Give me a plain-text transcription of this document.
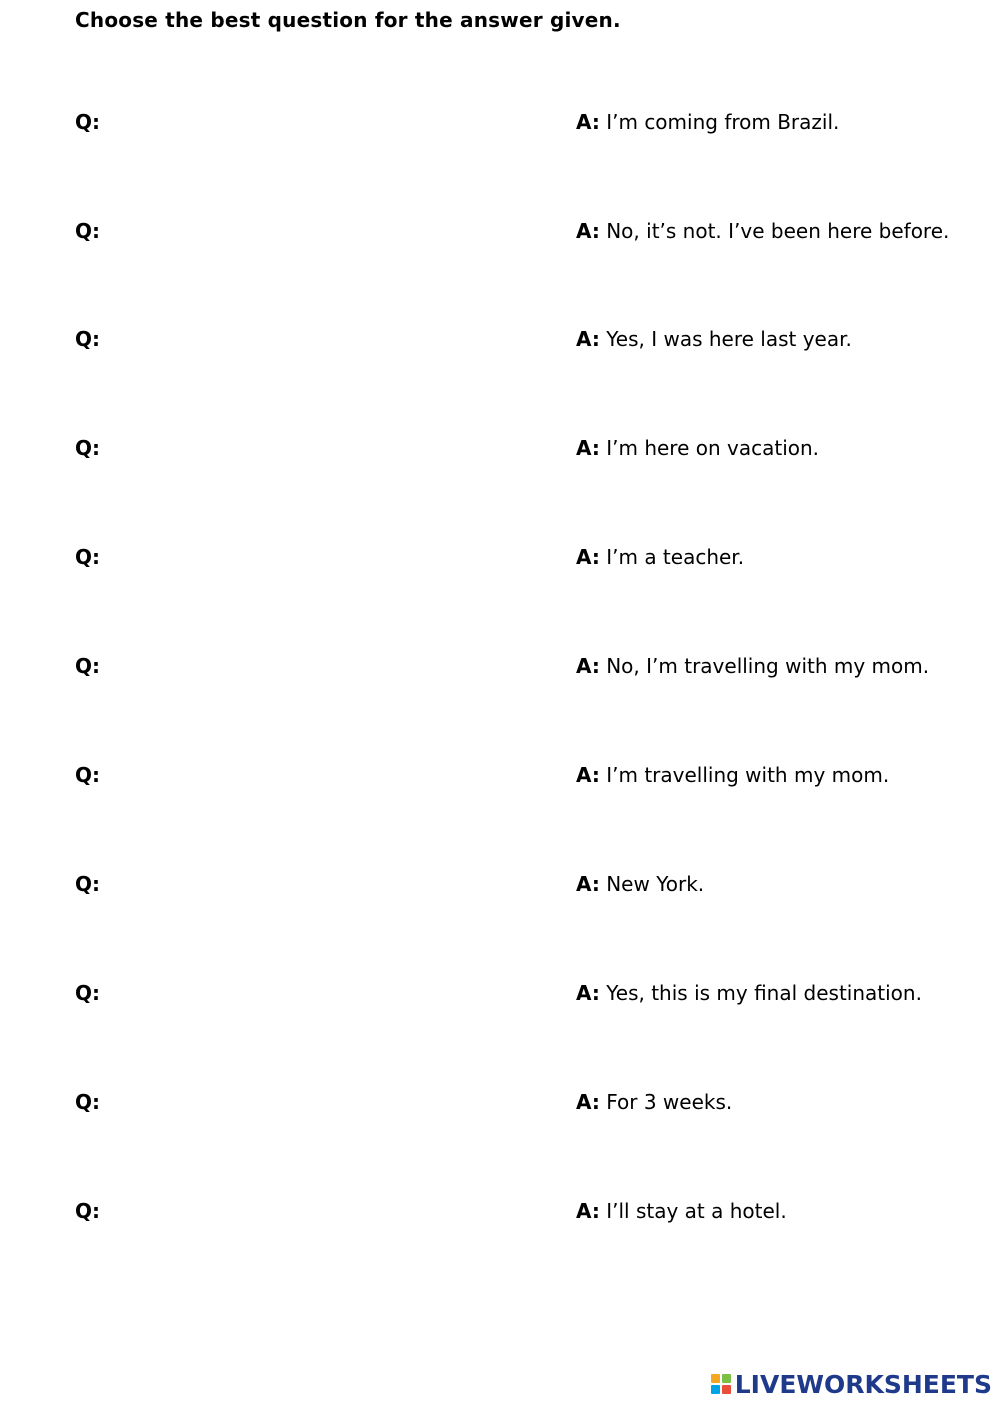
Choose the best question for the answer given.
Q:	A: I’m coming from Brazil.
Q:	A: No, it’s not. I’ve been here before.
Q:	A: Yes, I was here last year.
Q:	A: I’m here on vacation.
Q:	A: I’m a teacher.
Q:	A: No, I’m travelling with my mom.
Q:	A: I’m travelling with my mom.
Q:	A: New York.
Q:	A: Yes, this is my final destination.
Q:	A: For 3 weeks.
Q:	A: I’ll stay at a hotel.
LIVEWORKSHEETS
